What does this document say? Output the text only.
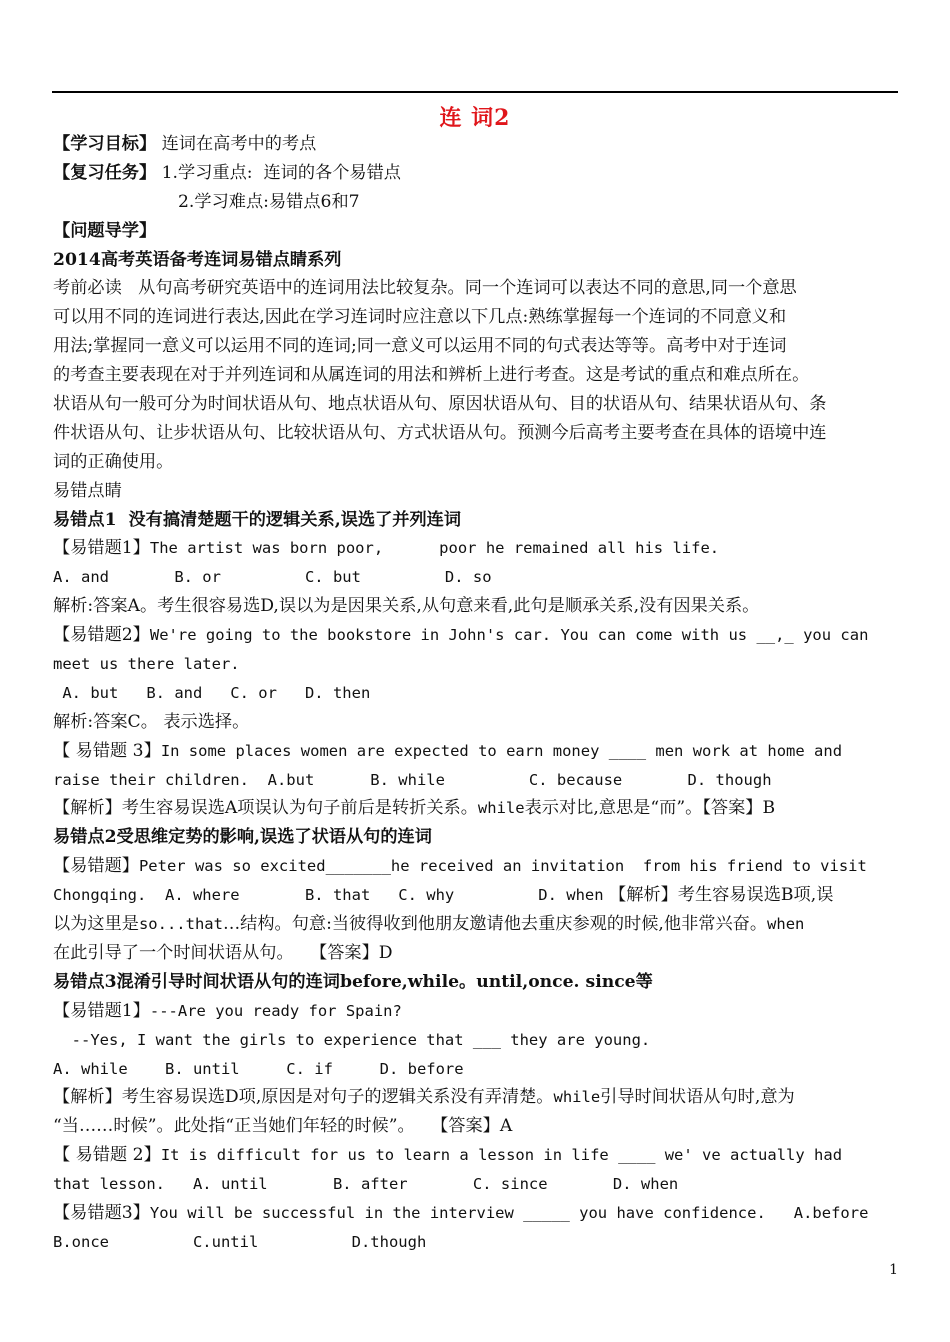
连 词2
【学习目标】 连词在高考中的考点
【复习任务】 1.学习重点:  连词的各个易错点
2.学习难点:易错点6和7
【问题导学】
2014高考英语备考连词易错点睛系列
考前必读   从句高考研究英语中的连词用法比较复杂。同一个连词可以表达不同的意思,同一个意思
可以用不同的连词进行表达,因此在学习连词时应注意以下几点:熟练掌握每一个连词的不同意义和
用法;掌握同一意义可以运用不同的连词;同一意义可以运用不同的句式表达等等。高考中对于连词
的考查主要表现在对于并列连词和从属连词的用法和辨析上进行考查。这是考试的重点和难点所在。
状语从句一般可分为时间状语从句、地点状语从句、原因状语从句、目的状语从句、结果状语从句、条
件状语从句、让步状语从句、比较状语从句、方式状语从句。预测今后高考主要考查在具体的语境中连
词的正确使用。
易错点睛
易错点1  没有搞清楚题干的逻辑关系,误选了并列连词
【易错题1】The artist was born poor,      poor he remained all his life.
A. and       B. or         C. but         D. so
解析:答案A。考生很容易选D,误以为是因果关系,从句意来看,此句是顺承关系,没有因果关系。
【易错题2】We're going to the bookstore in John's car. You can come with us __,_ you can
meet us there later.
A. but   B. and   C. or   D. then
解析:答案C。 表示选择。
【 易错题 3】In some places women are expected to earn money ____ men work at home and
raise their children.  A.but      B. while         C. because       D. though
【解析】考生容易误选A项误认为句子前后是转折关系。while表示对比,意思是“而”。【答案】B
易错点2受思维定势的影响,误选了状语从句的连词
【易错题】Peter was so excited_______he received an invitation  from his friend to visit
Chongqing.  A. where       B. that   C. why         D. when 【解析】考生容易误选B项,误
以为这里是so...that…结构。句意:当彼得收到他朋友邀请他去重庆参观的时候,他非常兴奋。when
在此引导了一个时间状语从句。   【答案】D
易错点3混淆引导时间状语从句的连词before,while。until,once. since等
【易错题1】---Are you ready for Spain?
--Yes, I want the girls to experience that ___ they are young.
A. while    B. until     C. if     D. before
【解析】考生容易误选D项,原因是对句子的逻辑关系没有弄清楚。while引导时间状语从句时,意为
“当……时候”。此处指“正当她们年轻的时候”。   【答案】A
【 易错题 2】It is difficult for us to learn a lesson in life ____ we' ve actually had
that lesson.   A. until       B. after       C. since       D. when
【易错题3】You will be successful in the interview _____ you have confidence.   A.before
B.once         C.until          D.though
1
